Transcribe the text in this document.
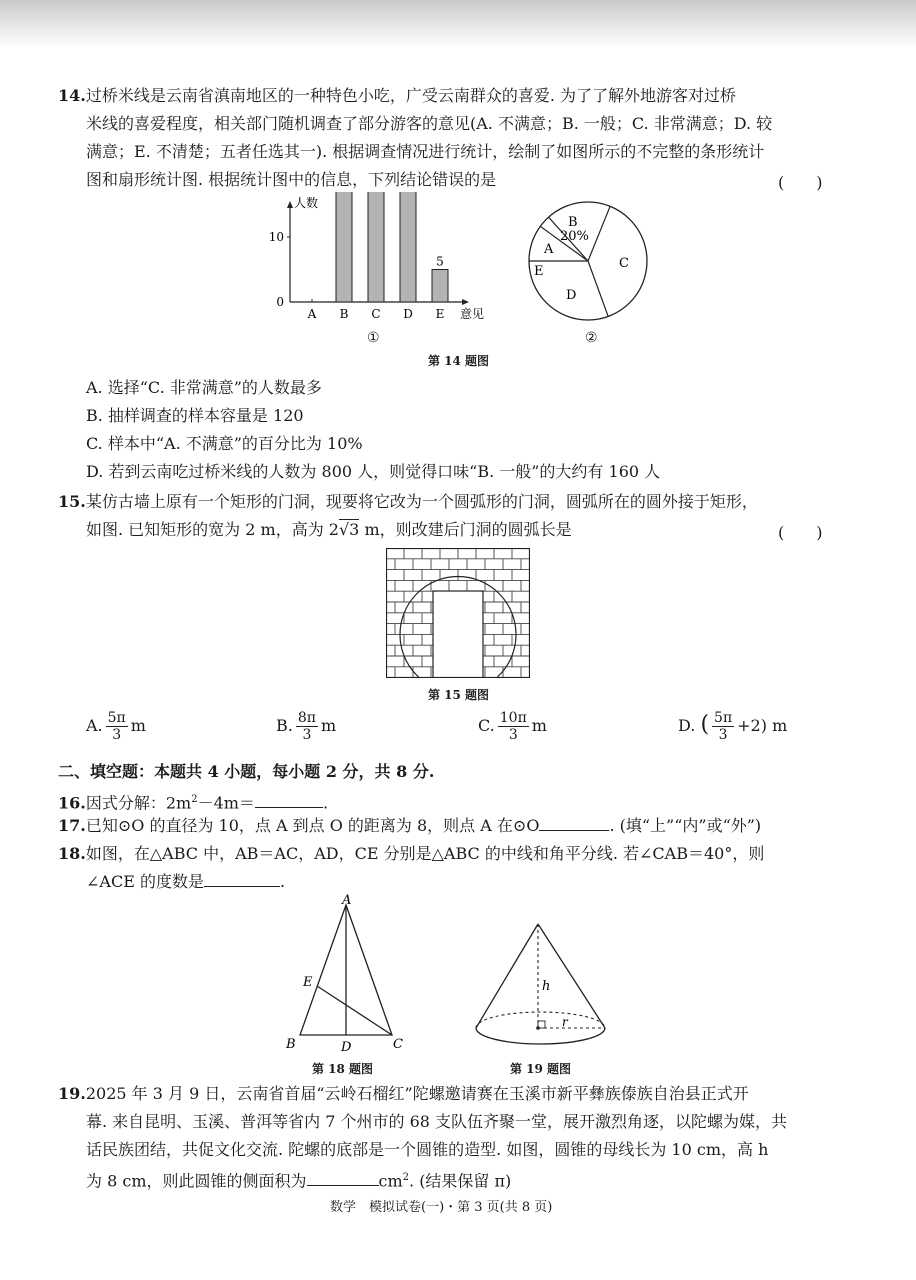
14.过桥米线是云南省滇南地区的一种特色小吃，广受云南群众的喜爱. 为了了解外地游客对过桥
米线的喜爱程度，相关部门随机调查了部分游客的意见(A. 不满意；B. 一般；C. 非常满意；D. 较
满意；E. 不清楚；五者任选其一). 根据调查情况进行统计，绘制了如图所示的不完整的条形统计
图和扇形统计图. 根据统计图中的信息，下列结论错误的是	(　　)
人数
意见
0
10
A B C D E
5
①
A
B
20%
C
D
E
②
第 14 题图
A. 选择“C. 非常满意”的人数最多
B. 抽样调查的样本容量是 120
C. 样本中“A. 不满意”的百分比为 10%
D. 若到云南吃过桥米线的人数为 800 人，则觉得口味“B. 一般”的大约有 160 人
15.某仿古墙上原有一个矩形的门洞，现要将它改为一个圆弧形的门洞，圆弧所在的圆外接于矩形，
如图. 已知矩形的宽为 2 m，高为 2√3 m，则改建后门洞的圆弧长是	(　　)
第 15 题图
A. $\frac{5\pi}{3}$ m	B. $\frac{8\pi}{3}$ m	C. $\frac{10\pi}{3}$ m	D. ( $\frac{5\pi}{3} +2$) m
二、填空题：本题共 4 小题，每小题 2 分，共 8 分.
16.因式分解：$2m^2-4m=$	.
17.已知⊙O 的直径为 10，点 A 到点 O 的距离为 8，则点 A 在⊙O	. (填“上”“内”或“外”)
18.如图，在△ABC 中，AB＝AC，AD，CE 分别是△ABC 的中线和角平分线. 若∠CAB＝40°，则
∠ACE 的度数是	.
A
B	C
D
E
第 18 题图
h
r
第 19 题图
19.2025 年 3 月 9 日，云南省首届“云岭石榴红”陀螺邀请赛在玉溪市新平彝族傣族自治县正式开
幕. 来自昆明、玉溪、普洱等省内 7 个州市的 68 支队伍齐聚一堂，展开激烈角逐，以陀螺为媒，共
话民族团结，共促文化交流. 陀螺的底部是一个圆锥的造型. 如图，圆锥的母线长为 10 cm，高 h
为 8 cm，则此圆锥的侧面积为	$cm^2$. (结果保留 π)
数学　模拟试卷(一)・第 3 页(共 8 页)
